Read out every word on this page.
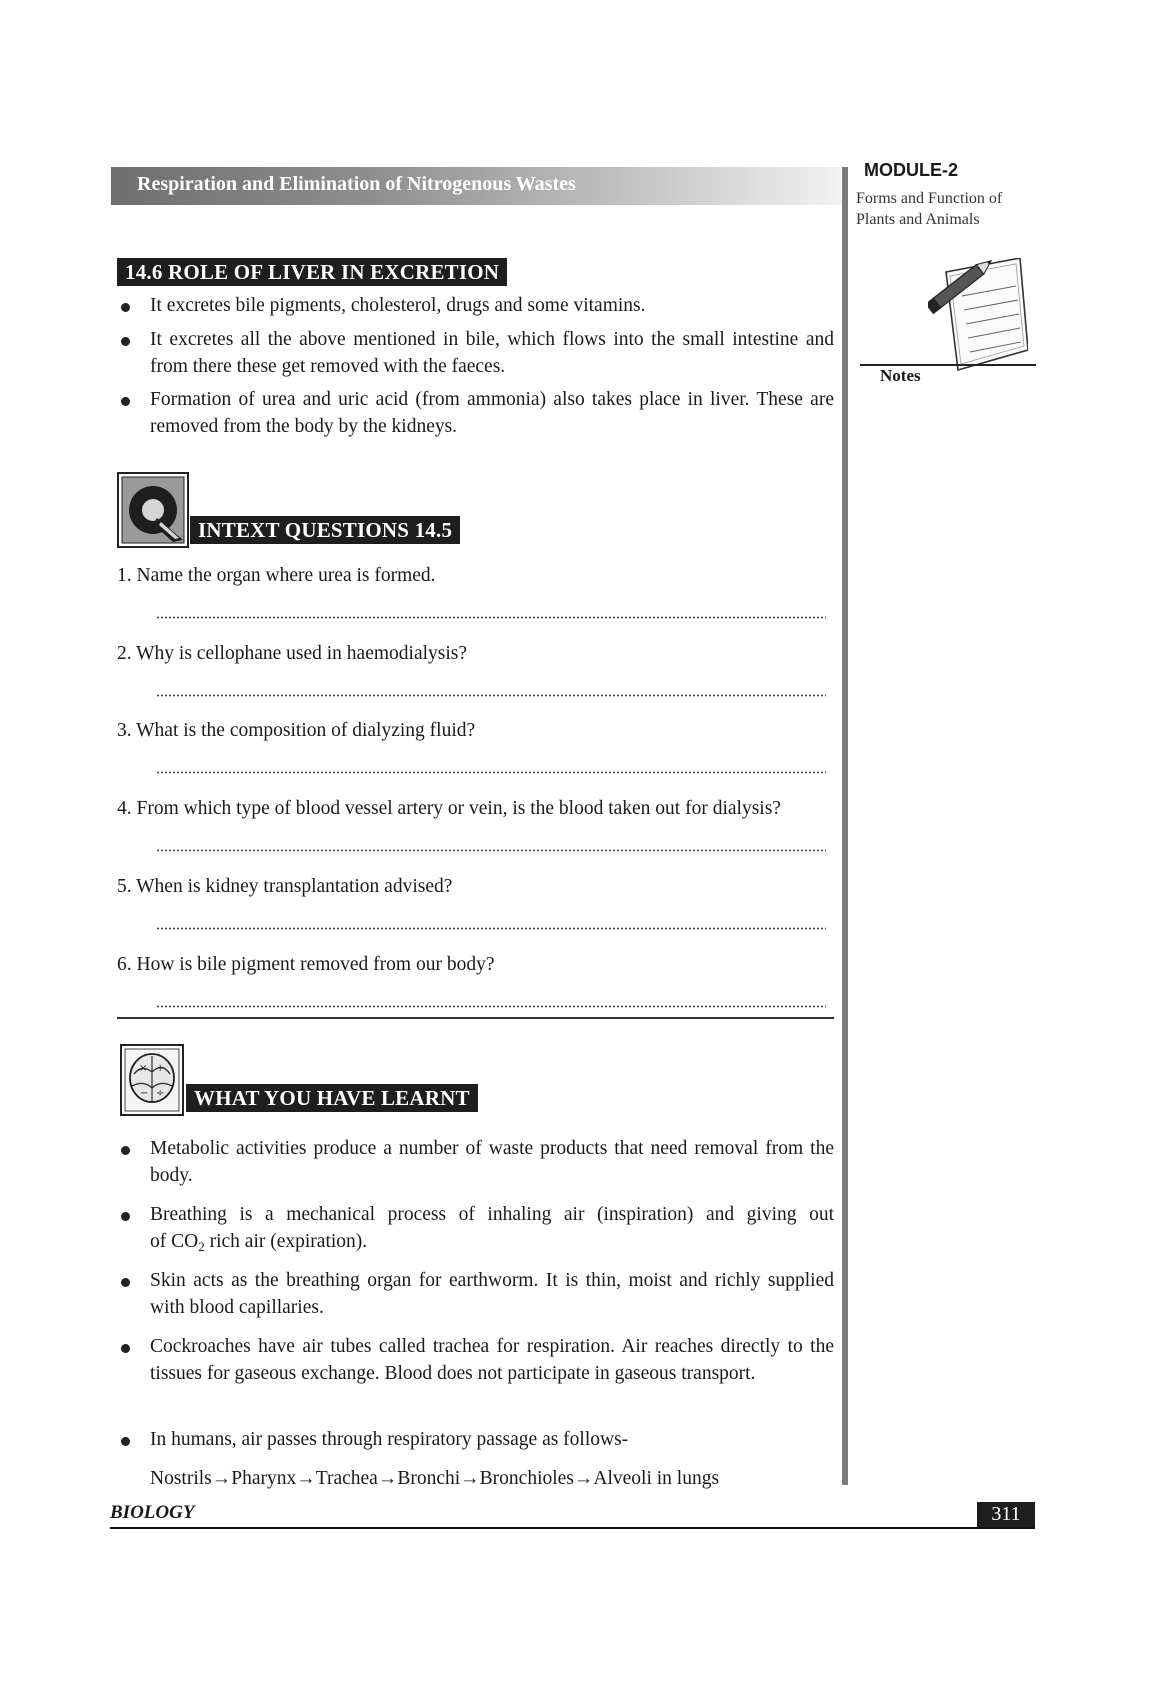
Respiration and Elimination of Nitrogenous Wastes
MODULE-2
Forms and Function of
Plants and Animals
Notes
14.6 ROLE OF LIVER IN EXCRETION
It excretes bile pigments, cholesterol, drugs and some vitamins.
It excretes all the above mentioned in bile, which flows into the small intestine and from there these get removed with the faeces.
Formation of urea and uric acid (from ammonia) also takes place in liver. These are removed from the body by the kidneys.
INTEXT QUESTIONS 14.5
1. Name the organ where urea is formed.
2. Why is cellophane used in haemodialysis?
3. What is the composition of dialyzing fluid?
4. From which type of blood vessel artery or vein, is the blood taken out for dialysis?
5. When is kidney transplantation advised?
6. How is bile pigment removed from our body?
× +
− ÷	WHAT YOU HAVE LEARNT
Metabolic activities produce a number of waste products that need removal from the body.
Breathing is a mechanical process of inhaling air (inspiration) and giving out
of $CO_2$ rich air (expiration).
Skin acts as the breathing organ for earthworm. It is thin, moist and richly supplied with blood capillaries.
Cockroaches have air tubes called trachea for respiration. Air reaches directly to the tissues for gaseous exchange. Blood does not participate in gaseous transport.
In humans, air passes through respiratory passage as follows-
Nostrils→Pharynx→Trachea→Bronchi→Bronchioles→Alveoli in lungs
BIOLOGY	311
